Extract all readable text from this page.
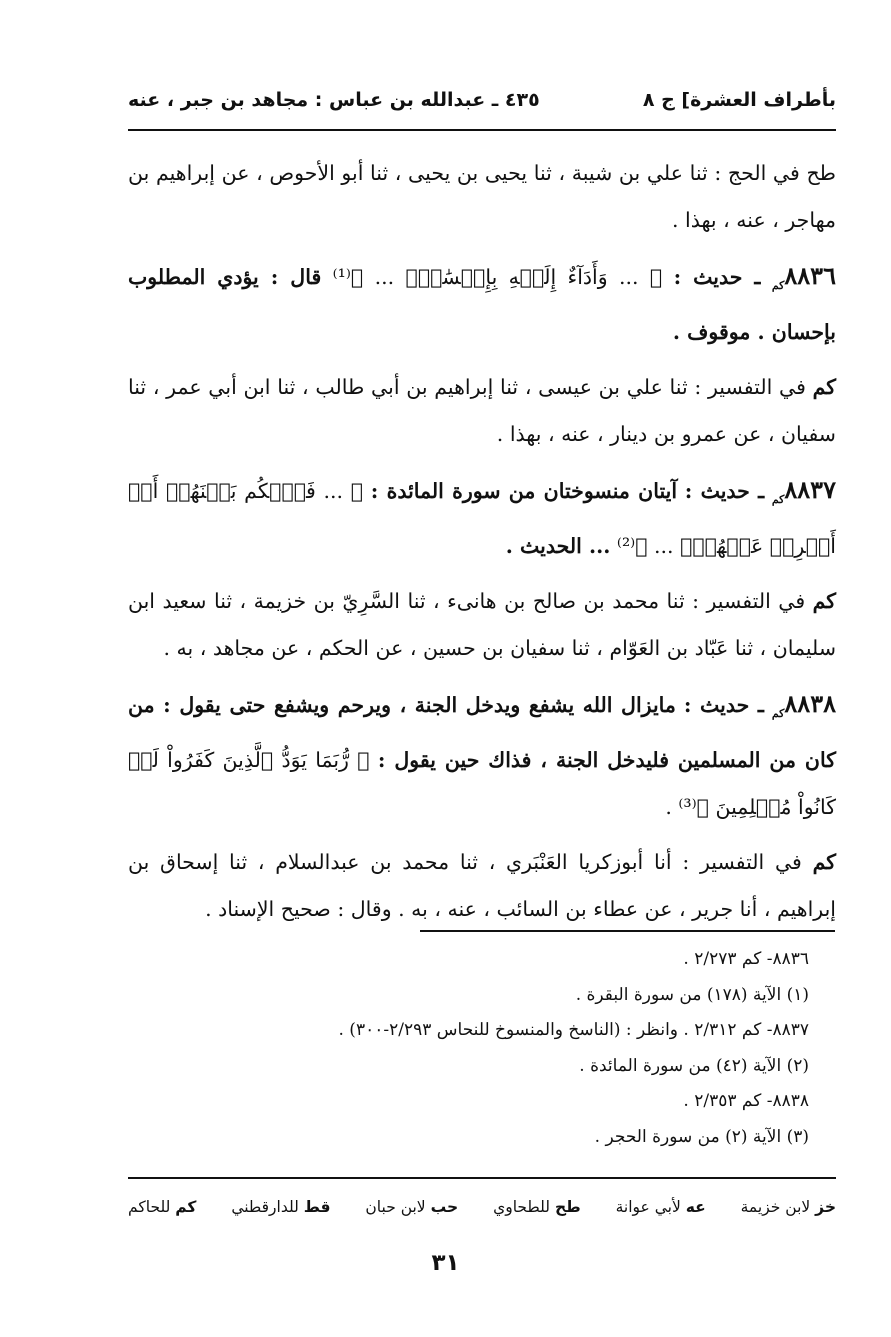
بأطراف العشرة] ج ٨
٤٣٥ ـ عبدالله بن عباس : مجاهد بن جبر ، عنه

طح في الحج : ثنا علي بن شيبة ، ثنا يحيى بن يحيى ، ثنا أبو الأحوص ، عن إبراهيم بن مهاجر ، عنه ، بهذا .

$٨٨٣٦_{كم}$ ـ حديث : ﴿ ... وَأَدَآءٌ إِلَيۡهِ بِإِحۡسَٰنٍۗ ... ﴾⁽¹⁾ قال : يؤدي المطلوب بإحسان . موقوف .

كم في التفسير : ثنا علي بن عيسى ، ثنا إبراهيم بن أبي طالب ، ثنا ابن أبي عمر ، ثنا سفيان ، عن عمرو بن دينار ، عنه ، بهذا .

$٨٨٣٧_{كم}$ ـ حديث : آيتان منسوختان من سورة المائدة : ﴿ ... فَٱحۡكُم بَيۡنَهُمۡ أَوۡ أَعۡرِضۡ عَنۡهُمۡۖ ... ﴾⁽²⁾ ... الحديث .

كم في التفسير : ثنا محمد بن صالح بن هانىء ، ثنا السَّرِيّ بن خزيمة ، ثنا سعيد ابن سليمان ، ثنا عَبّاد بن العَوّام ، ثنا سفيان بن حسين ، عن الحكم ، عن مجاهد ، به .

$٨٨٣٨_{كم}$ ـ حديث : مايزال الله يشفع ويدخل الجنة ، ويرحم ويشفع حتى يقول : من كان من المسلمين فليدخل الجنة ، فذاك حين يقول : ﴿ رُّبَمَا يَوَدُّ ٱلَّذِينَ كَفَرُواْ لَوۡ كَانُواْ مُسۡلِمِينَ ﴾⁽³⁾ .

كم في التفسير : أنا أبوزكريا العَنْبَري ، ثنا محمد بن عبدالسلام ، ثنا إسحاق بن إبراهيم ، أنا جرير ، عن عطاء بن السائب ، عنه ، به . وقال : صحيح الإسناد .

٨٨٣٦- كم ٢/٢٧٣ .
(١) الآية (١٧٨) من سورة البقرة .
٨٨٣٧- كم ٢/٣١٢ . وانظر : (الناسخ والمنسوخ للنحاس ٢/٢٩٣-٣٠٠) .
(٢) الآية (٤٢) من سورة المائدة .
٨٨٣٨- كم ٢/٣٥٣ .
(٣) الآية (٢) من سورة الحجر .
خز لابن خزيمة
عه لأبي عوانة
طح للطحاوي
حب لابن حبان
قط للدارقطني
كم للحاكم
٣١
